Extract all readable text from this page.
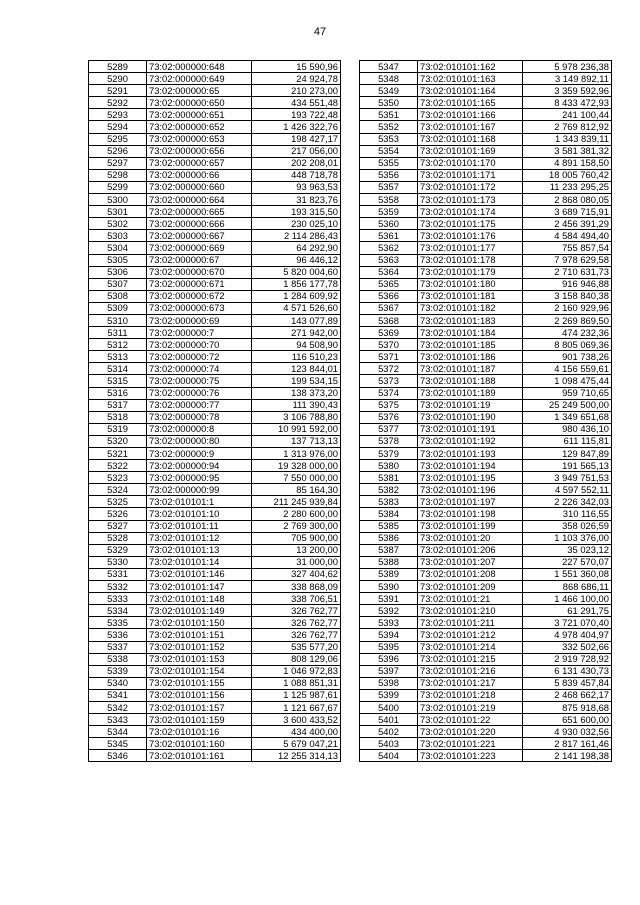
47
5289	73:02:000000:648	15 590,96
5290	73:02:000000:649	24 924,78
5291	73:02:000000:65	210 273,00
5292	73:02:000000:650	434 551,48
5293	73:02:000000:651	193 722,48
5294	73:02:000000:652	1 426 322,76
5295	73:02:000000:653	198 427,17
5296	73:02:000000:656	217 056,00
5297	73:02:000000:657	202 208,01
5298	73:02:000000:66	448 718,78
5299	73:02:000000:660	93 963,53
5300	73:02:000000:664	31 823,76
5301	73:02:000000:665	193 315,50
5302	73:02:000000:666	230 025,10
5303	73:02:000000:667	2 114 286,43
5304	73:02:000000:669	64 292,90
5305	73:02:000000:67	96 446,12
5306	73:02:000000:670	5 820 004,60
5307	73:02:000000:671	1 856 177,78
5308	73:02:000000:672	1 284 609,92
5309	73:02:000000:673	4 571 526,60
5310	73:02:000000:69	143 077,89
5311	73:02:000000:7	271 942,00
5312	73:02:000000:70	94 508,90
5313	73:02:000000:72	116 510,23
5314	73:02:000000:74	123 844,01
5315	73:02:000000:75	199 534,15
5316	73:02:000000:76	138 373,20
5317	73:02:000000:77	111 390,43
5318	73:02:000000:78	3 106 788,80
5319	73:02:000000:8	10 991 592,00
5320	73:02:000000:80	137 713,13
5321	73:02:000000:9	1 313 976,00
5322	73:02:000000:94	19 328 000,00
5323	73:02:000000:95	7 550 000,00
5324	73:02:000000:99	85 164,30
5325	73:02:010101:1	211 245 939,84
5326	73:02:010101:10	2 280 600,00
5327	73:02:010101:11	2 769 300,00
5328	73:02:010101:12	705 900,00
5329	73:02:010101:13	13 200,00
5330	73:02:010101:14	31 000,00
5331	73:02:010101:146	327 404,62
5332	73:02:010101:147	338 868,09
5333	73:02:010101:148	338 706,51
5334	73:02:010101:149	326 762,77
5335	73:02:010101:150	326 762,77
5336	73:02:010101:151	326 762,77
5337	73:02:010101:152	535 577,20
5338	73:02:010101:153	808 129,06
5339	73:02:010101:154	1 046 972,83
5340	73:02:010101:155	1 088 851,31
5341	73:02:010101:156	1 125 987,61
5342	73:02:010101:157	1 121 667,67
5343	73:02:010101:159	3 600 433,52
5344	73:02:010101:16	434 400,00
5345	73:02:010101:160	5 679 047,21
5346	73:02:010101:161	12 255 314,13
5347	73:02:010101:162	5 978 236,38
5348	73:02:010101:163	3 149 892,11
5349	73:02:010101:164	3 359 592,96
5350	73:02:010101:165	8 433 472,93
5351	73:02:010101:166	241 100,44
5352	73:02:010101:167	2 769 812,92
5353	73:02:010101:168	1 343 839,11
5354	73:02:010101:169	3 581 381,32
5355	73:02:010101:170	4 891 158,50
5356	73:02:010101:171	18 005 760,42
5357	73:02:010101:172	11 233 295,25
5358	73:02:010101:173	2 868 080,05
5359	73:02:010101:174	3 689 715,91
5360	73:02:010101:175	2 456 391,29
5361	73:02:010101:176	4 584 494,40
5362	73:02:010101:177	755 857,54
5363	73:02:010101:178	7 978 629,58
5364	73:02:010101:179	2 710 631,73
5365	73:02:010101:180	916 946,88
5366	73:02:010101:181	3 158 840,38
5367	73:02:010101:182	2 160 929,96
5368	73:02:010101:183	2 269 869,50
5369	73:02:010101:184	474 232,36
5370	73:02:010101:185	8 805 069,36
5371	73:02:010101:186	901 738,26
5372	73:02:010101:187	4 156 559,61
5373	73:02:010101:188	1 098 475,44
5374	73:02:010101:189	959 710,65
5375	73:02:010101:19	25 249 500,00
5376	73:02:010101:190	1 349 651,68
5377	73:02:010101:191	980 436,10
5378	73:02:010101:192	611 115,81
5379	73:02:010101:193	129 847,89
5380	73:02:010101:194	191 565,13
5381	73:02:010101:195	3 949 751,53
5382	73:02:010101:196	4 597 552,11
5383	73:02:010101:197	2 226 342,03
5384	73:02:010101:198	310 116,55
5385	73:02:010101:199	358 026,59
5386	73:02:010101:20	1 103 376,00
5387	73:02:010101:206	35 023,12
5388	73:02:010101:207	227 570,07
5389	73:02:010101:208	1 551 360,08
5390	73:02:010101:209	868 686,11
5391	73:02:010101:21	1 466 100,00
5392	73:02:010101:210	61 291,75
5393	73:02:010101:211	3 721 070,40
5394	73:02:010101:212	4 978 404,97
5395	73:02:010101:214	332 502,66
5396	73:02:010101:215	2 919 728,92
5397	73:02:010101:216	6 131 430,73
5398	73:02:010101:217	5 839 457,84
5399	73:02:010101:218	2 468 662,17
5400	73:02:010101:219	875 918,68
5401	73:02:010101:22	651 600,00
5402	73:02:010101:220	4 930 032,56
5403	73:02:010101:221	2 817 161,46
5404	73:02:010101:223	2 141 198,38
